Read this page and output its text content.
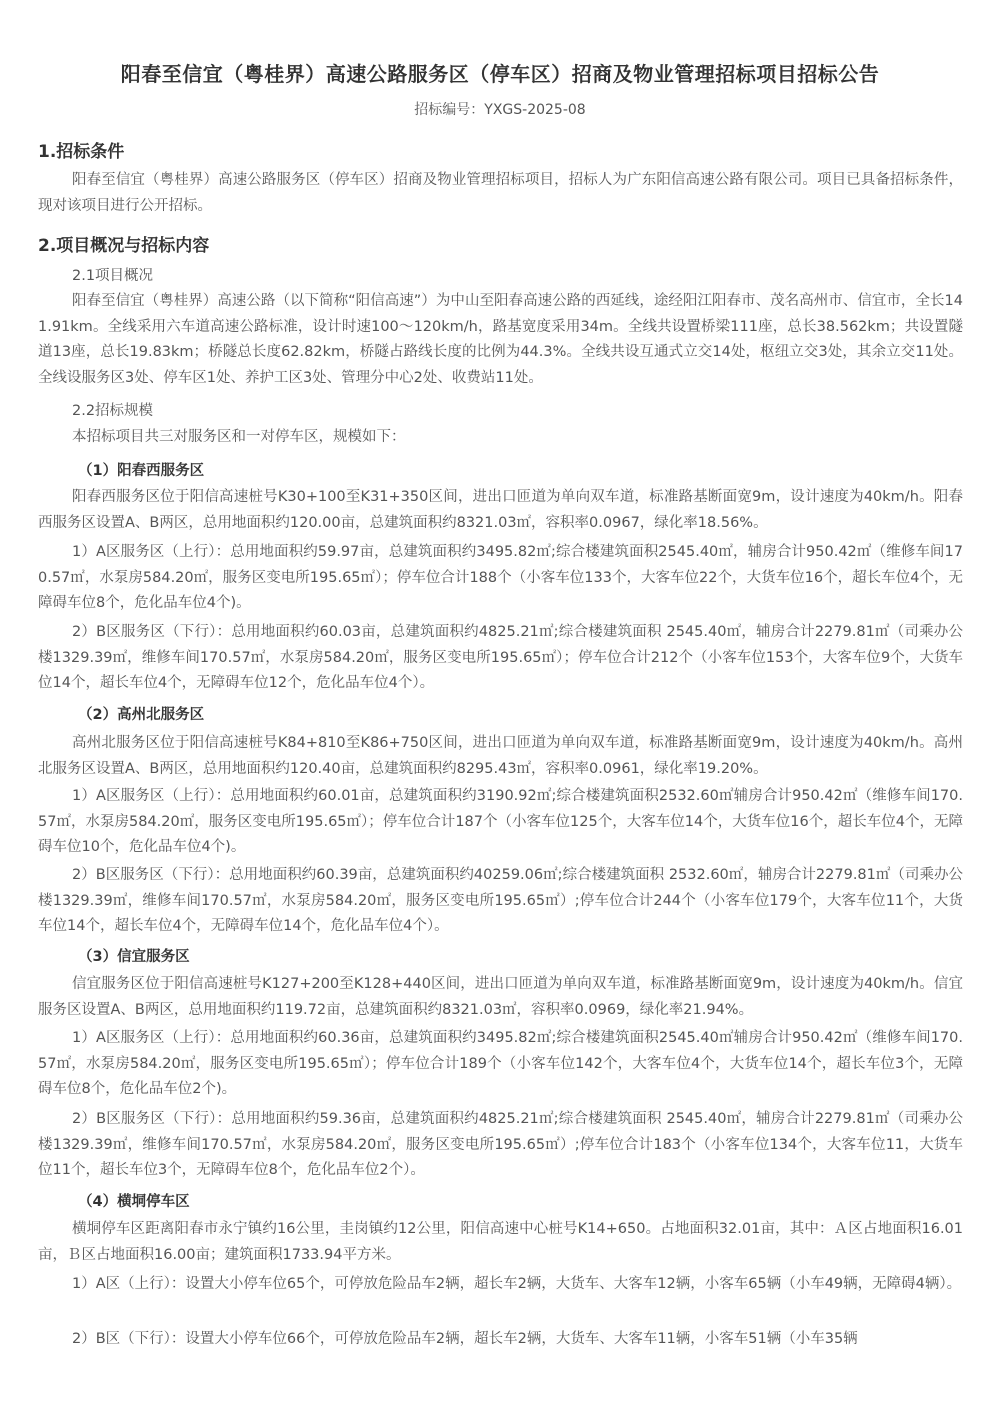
阳春至信宜（粤桂界）高速公路服务区（停车区）招商及物业管理招标项目招标公告
招标编号：YXGS-2025-08
1.招标条件
阳春至信宜（粤桂界）高速公路服务区（停车区）招商及物业管理招标项目，招标人为广东阳信高速公路有限公司。项目已具备招标条件，现对该项目进行公开招标。
2.项目概况与招标内容
2.1项目概况
阳春至信宜（粤桂界）高速公路（以下简称“阳信高速”）为中山至阳春高速公路的西延线，途经阳江阳春市、茂名高州市、信宜市，全长141.91km。全线采用六车道高速公路标准，设计时速100～120km/h，路基宽度采用34m。全线共设置桥梁111座，总长38.562km；共设置隧道13座，总长19.83km；桥隧总长度62.82km，桥隧占路线长度的比例为44.3%。全线共设互通式立交14处，枢纽立交3处，其余立交11处。全线设服务区3处、停车区1处、养护工区3处、管理分中心2处、收费站11处。
2.2招标规模
本招标项目共三对服务区和一对停车区，规模如下：
（1）阳春西服务区
阳春西服务区位于阳信高速桩号K30+100至K31+350区间，进出口匝道为单向双车道，标准路基断面宽9m，设计速度为40km/h。阳春西服务区设置A、B两区，总用地面积约120.00亩，总建筑面积约8321.03㎡，容积率0.0967，绿化率18.56%。
1）A区服务区（上行）：总用地面积约59.97亩，总建筑面积约3495.82㎡;综合楼建筑面积2545.40㎡，辅房合计950.42㎡（维修车间170.57㎡，水泵房584.20㎡，服务区变电所195.65㎡）；停车位合计188个（小客车位133个，大客车位22个，大货车位16个，超长车位4个，无障碍车位8个，危化品车位4个)。
2）B区服务区（下行）：总用地面积约60.03亩，总建筑面积约4825.21㎡;综合楼建筑面积 2545.40㎡，辅房合计2279.81㎡（司乘办公楼1329.39㎡，维修车间170.57㎡，水泵房584.20㎡，服务区变电所195.65㎡）；停车位合计212个（小客车位153个，大客车位9个，大货车位14个，超长车位4个，无障碍车位12个，危化品车位4个）。
（2）高州北服务区
高州北服务区位于阳信高速桩号K84+810至K86+750区间，进出口匝道为单向双车道，标准路基断面宽9m，设计速度为40km/h。高州北服务区设置A、B两区，总用地面积约120.40亩，总建筑面积约8295.43㎡，容积率0.0961，绿化率19.20%。
1）A区服务区（上行）：总用地面积约60.01亩，总建筑面积约3190.92㎡;综合楼建筑面积2532.60㎡辅房合计950.42㎡（维修车间170.57㎡，水泵房584.20㎡，服务区变电所195.65㎡）；停车位合计187个（小客车位125个，大客车位14个，大货车位16个，超长车位4个，无障碍车位10个，危化品车位4个)。
2）B区服务区（下行）：总用地面积约60.39亩，总建筑面积约40259.06㎡;综合楼建筑面积 2532.60㎡，辅房合计2279.81㎡（司乘办公楼1329.39㎡，维修车间170.57㎡，水泵房584.20㎡，服务区变电所195.65㎡）;停车位合计244个（小客车位179个，大客车位11个，大货车位14个，超长车位4个，无障碍车位14个，危化品车位4个）。
（3）信宜服务区
信宜服务区位于阳信高速桩号K127+200至K128+440区间，进出口匝道为单向双车道，标准路基断面宽9m，设计速度为40km/h。信宜服务区设置A、B两区，总用地面积约119.72亩，总建筑面积约8321.03㎡，容积率0.0969，绿化率21.94%。
1）A区服务区（上行）：总用地面积约60.36亩，总建筑面积约3495.82㎡;综合楼建筑面积2545.40㎡辅房合计950.42㎡（维修车间170.57㎡，水泵房584.20㎡，服务区变电所195.65㎡）；停车位合计189个（小客车位142个，大客车位4个，大货车位14个，超长车位3个，无障碍车位8个，危化品车位2个)。
2）B区服务区（下行）：总用地面积约59.36亩，总建筑面积约4825.21㎡;综合楼建筑面积 2545.40㎡，辅房合计2279.81㎡（司乘办公楼1329.39㎡，维修车间170.57㎡，水泵房584.20㎡，服务区变电所195.65㎡）;停车位合计183个（小客车位134个，大客车位11，大货车位11个，超长车位3个，无障碍车位8个，危化品车位2个）。
（4）横垌停车区
横垌停车区距离阳春市永宁镇约16公里，圭岗镇约12公里，阳信高速中心桩号K14+650。占地面积32.01亩，其中：Ａ区占地面积16.01亩，Ｂ区占地面积16.00亩；建筑面积1733.94平方米。
1）A区（上行）：设置大小停车位65个，可停放危险品车2辆，超长车2辆，大货车、大客车12辆，小客车65辆（小车49辆，无障碍4辆）。
2）B区（下行）：设置大小停车位66个，可停放危险品车2辆，超长车2辆，大货车、大客车11辆，小客车51辆（小车35辆
